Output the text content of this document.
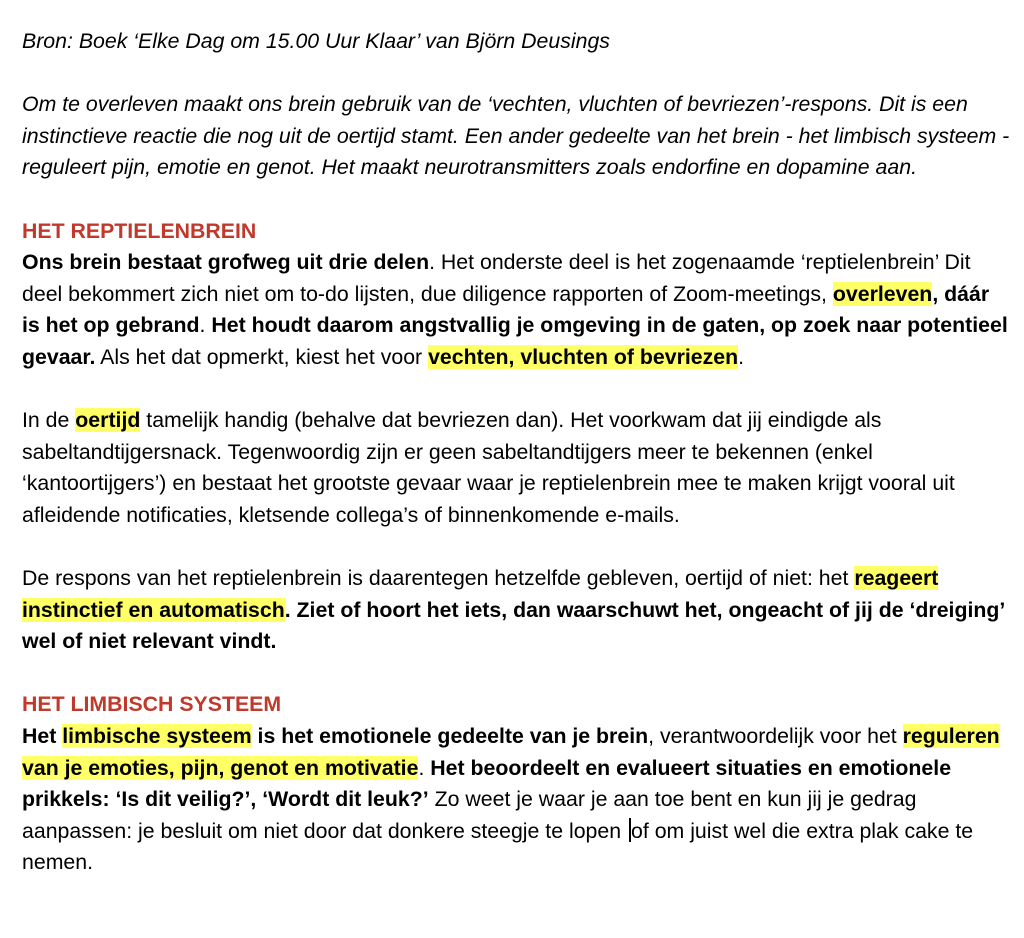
Bron: Boek ‘Elke Dag om 15.00 Uur Klaar’ van Björn Deusings

Om te overleven maakt ons brein gebruik van de ‘vechten, vluchten of bevriezen’-respons. Dit is een instinctieve reactie die nog uit de oertijd stamt. Een ander gedeelte van het brein - het limbisch systeem - reguleert pijn, emotie en genot. Het maakt neurotransmitters zoals endorfine en dopamine aan.

HET REPTIELENBREIN

Ons brein bestaat grofweg uit drie delen. Het onderste deel is het zogenaamde ‘reptielenbrein’ Dit deel bekommert zich niet om to-do lijsten, due diligence rapporten of Zoom-meetings, overleven, dáár is het op gebrand. Het houdt daarom angstvallig je omgeving in de gaten, op zoek naar potentieel gevaar. Als het dat opmerkt, kiest het voor vechten, vluchten of bevriezen.

In de oertijd tamelijk handig (behalve dat bevriezen dan). Het voorkwam dat jij eindigde als sabeltandtijgersnack. Tegenwoordig zijn er geen sabeltandtijgers meer te bekennen (enkel ‘kantoortijgers’) en bestaat het grootste gevaar waar je reptielenbrein mee te maken krijgt vooral uit afleidende notificaties, kletsende collega’s of binnenkomende e-mails.

De respons van het reptielenbrein is daarentegen hetzelfde gebleven, oertijd of niet: het reageert instinctief en automatisch. Ziet of hoort het iets, dan waarschuwt het, ongeacht of jij de ‘dreiging’ wel of niet relevant vindt.

HET LIMBISCH SYSTEEM

Het limbische systeem is het emotionele gedeelte van je brein, verantwoordelijk voor het reguleren van je emoties, pijn, genot en motivatie. Het beoordeelt en evalueert situaties en emotionele prikkels: ‘Is dit veilig?’, ‘Wordt dit leuk?’ Zo weet je waar je aan toe bent en kun jij je gedrag aanpassen: je besluit om niet door dat donkere steegje te lopen of om juist wel die extra plak cake te nemen.
